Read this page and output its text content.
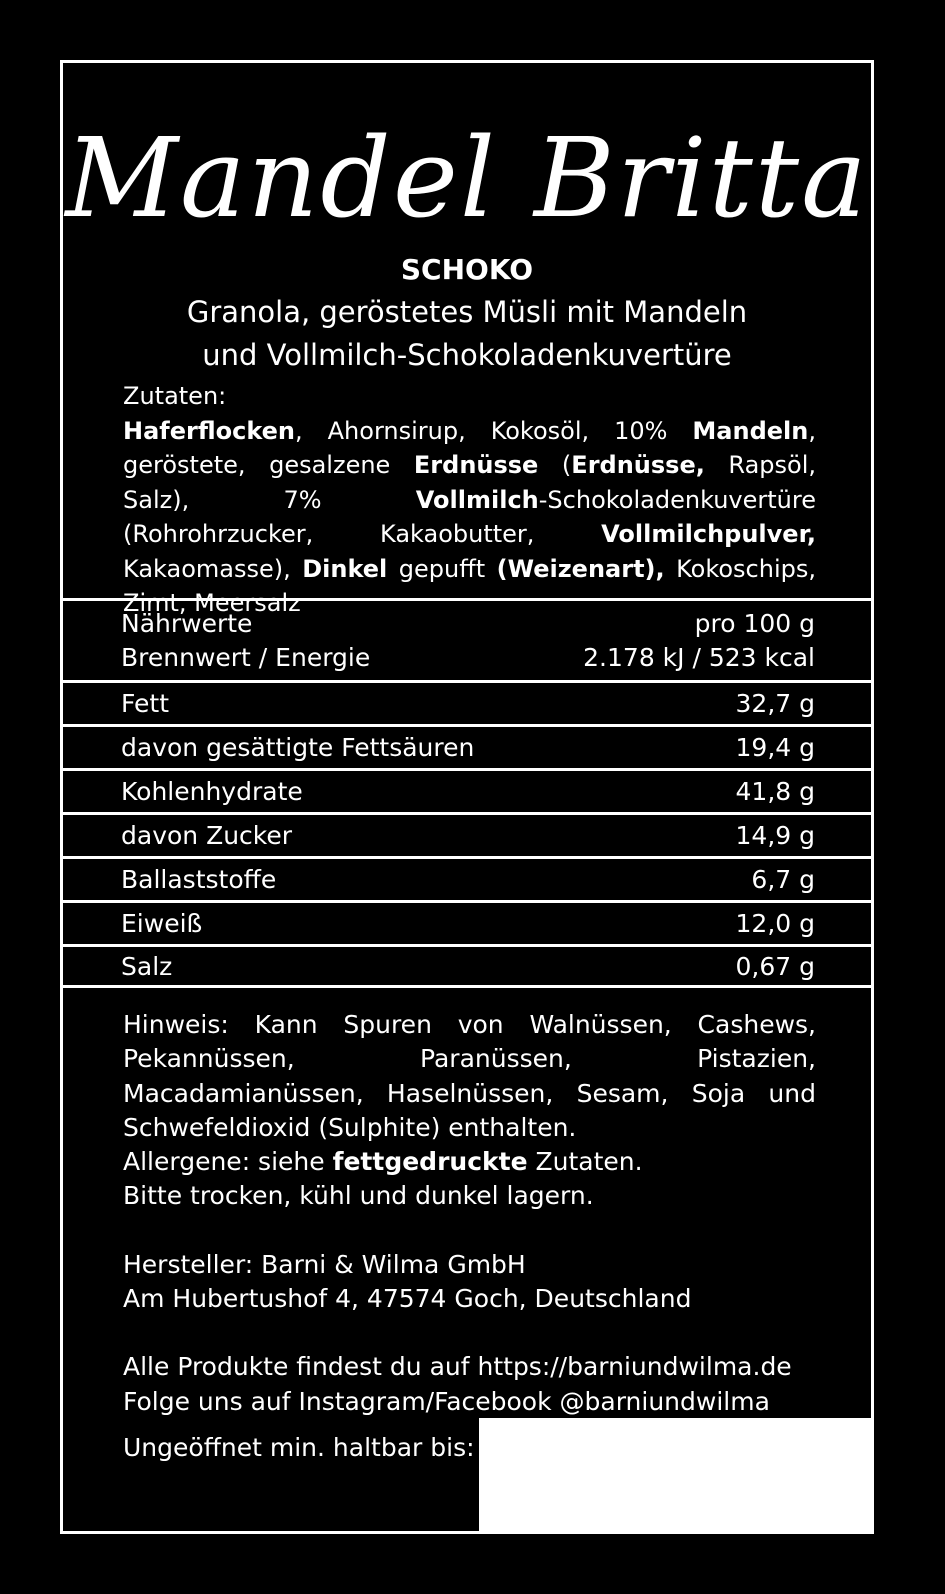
Mandel Britta
SCHOKO
Granola, geröstetes Müsli mit Mandeln
und Vollmilch-Schokoladenkuvertüre
Zutaten:
Haferflocken, Ahornsirup, Kokosöl, 10% Mandeln, geröstete, gesalzene Erdnüsse (Erdnüsse, Rapsöl, Salz), 7% Vollmilch-Schokoladenkuvertüre (Rohrohrzucker, Kakaobutter, Vollmilchpulver, Kakaomasse), Dinkel gepufft (Weizenart), Kokoschips, Zimt, Meersalz
Nährwerte	pro 100 g
Brennwert / Energie	2.178 kJ / 523 kcal
Fett	32,7 g
davon gesättigte Fettsäuren	19,4 g
Kohlenhydrate	41,8 g
davon Zucker	14,9 g
Ballaststoffe	6,7 g
Eiweiß	12,0 g
Salz	0,67 g

Hinweis: Kann Spuren von Walnüssen, Cashews, Pekannüssen, Paranüssen, Pistazien, Macadamianüssen, Haselnüssen, Sesam, Soja und Schwefeldioxid (Sulphite) enthalten.

Allergene: siehe fettgedruckte Zutaten.

Bitte trocken, kühl und dunkel lagern.

Hersteller: Barni & Wilma GmbH

Am Hubertushof 4, 47574 Goch, Deutschland

Alle Produkte findest du auf https://barniundwilma.de

Folge uns auf Instagram/Facebook @barniundwilma

Ungeöffnet min. haltbar bis:
